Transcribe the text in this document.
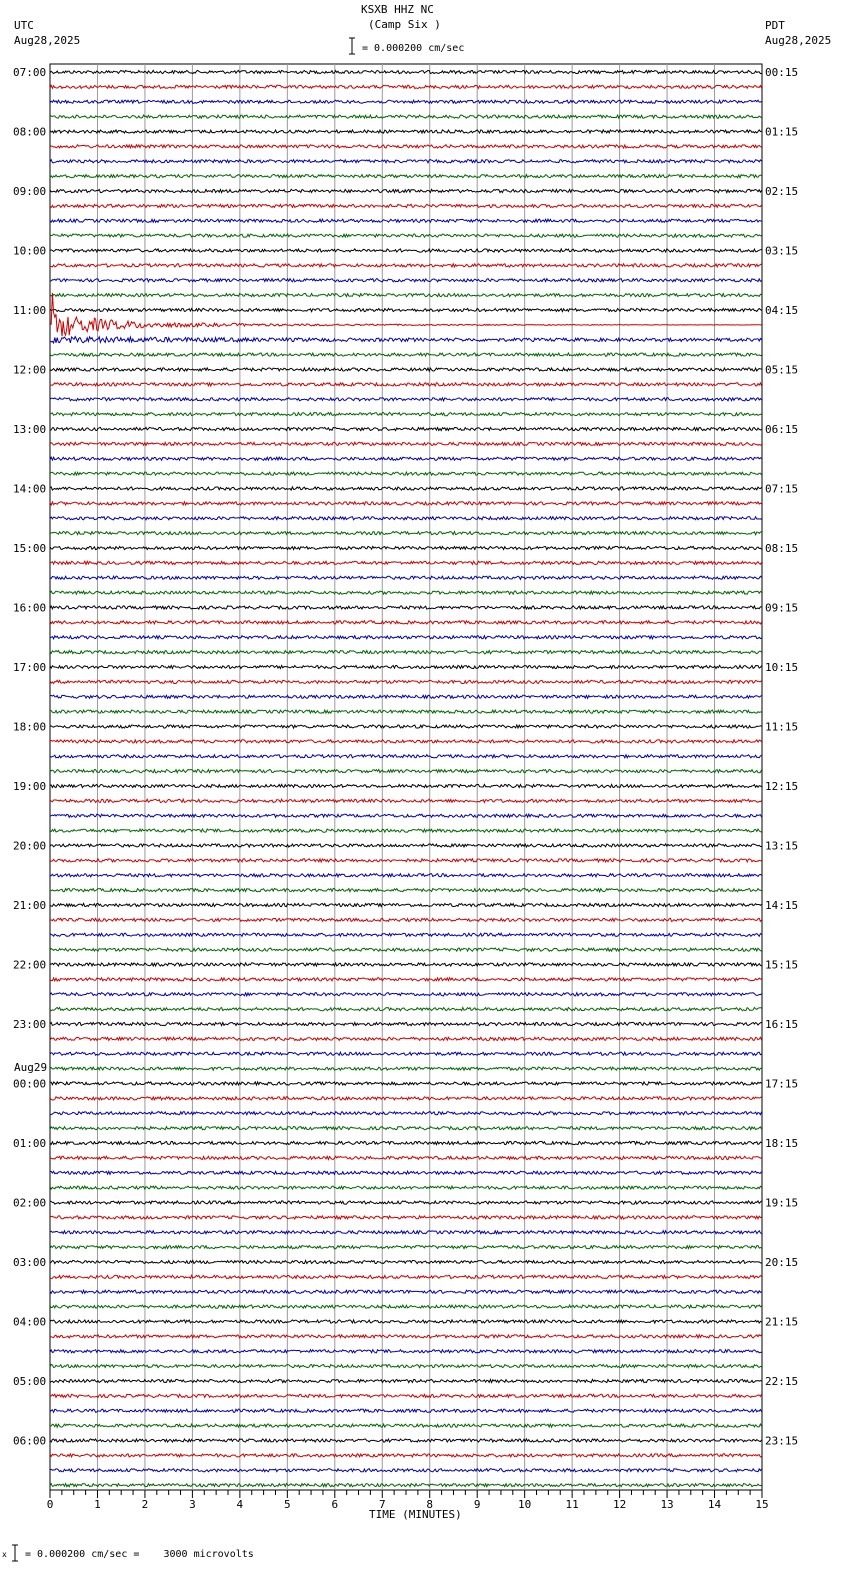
KSXB HHZ NC
(Camp Six )
UTC
Aug28,2025
PDT
Aug28,2025
= 0.000200 cm/sec
Aug29
07:00	00:15
08:00	01:15
09:00	02:15
10:00	03:15
11:00	04:15
12:00	05:15
13:00	06:15
14:00	07:15
15:00	08:15
16:00	09:15
17:00	10:15
18:00	11:15
19:00	12:15
20:00	13:15
21:00	14:15
22:00	15:15
23:00	16:15
00:00	17:15
01:00	18:15
02:00	19:15
03:00	20:15
04:00	21:15
05:00	22:15
06:00	23:15
0	1	2	3	4	5	6	7	8	9	10	11	12	13	14	15
x = 0.000200 cm/sec =    3000 microvolts
TIME (MINUTES)
